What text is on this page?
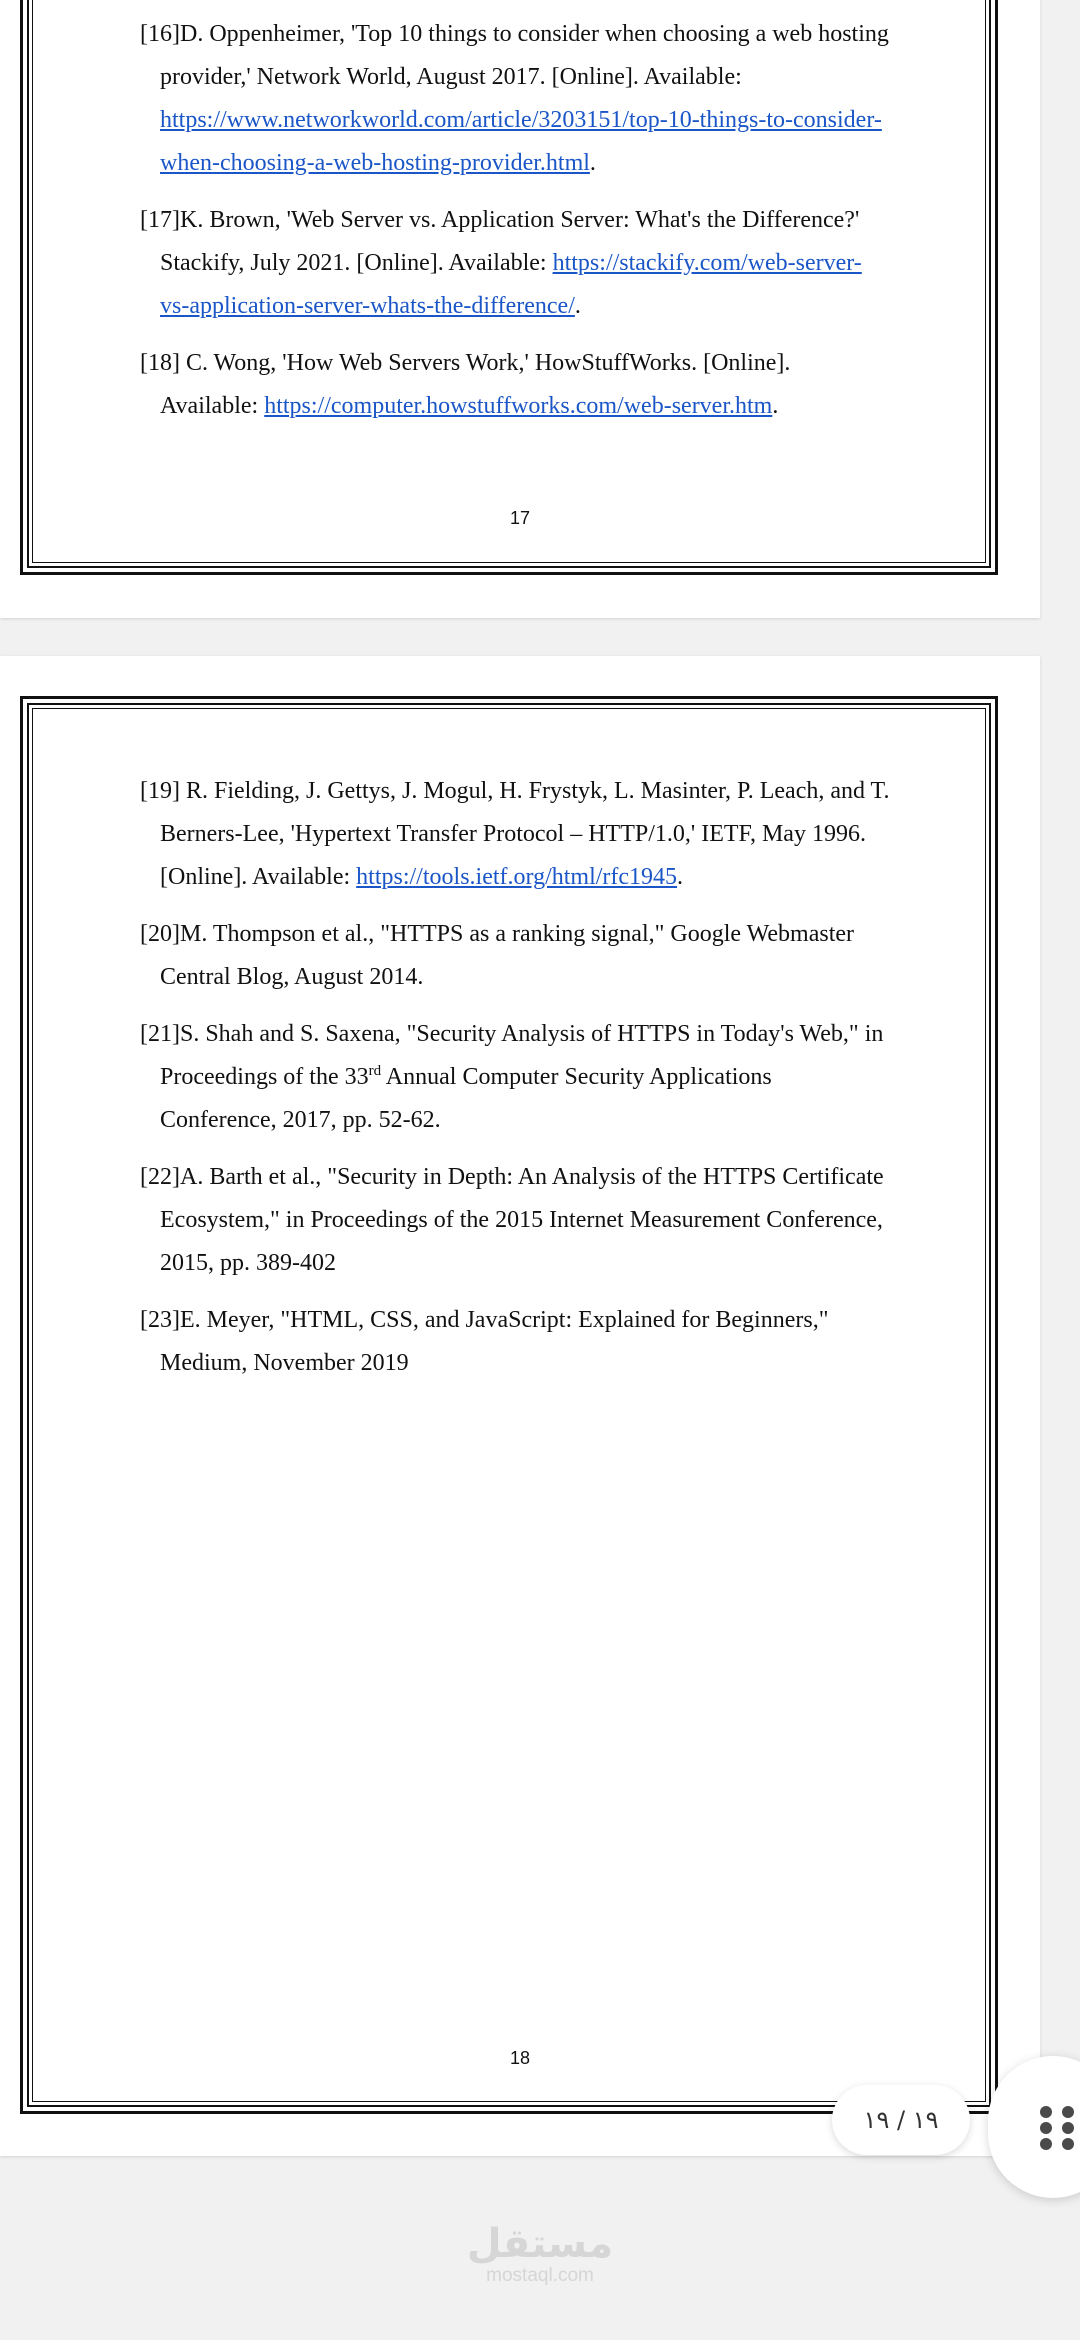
[16]D. Oppenheimer, 'Top 10 things to consider when choosing a web hosting provider,' Network World, August 2017. [Online]. Available: https://www.networkworld.com/article/3203151/top-10-things-to-consider-when-choosing-a-web-hosting-provider.html.

[17]K. Brown, 'Web Server vs. Application Server: What's the Difference?' Stackify, July 2021. [Online]. Available: https://stackify.com/web-server-vs-application-server-whats-the-difference/.

[18] C. Wong, 'How Web Servers Work,' HowStuffWorks. [Online]. Available: https://computer.howstuffworks.com/web-server.htm.

17

[19] R. Fielding, J. Gettys, J. Mogul, H. Frystyk, L. Masinter, P. Leach, and T. Berners-Lee, 'Hypertext Transfer Protocol – HTTP/1.0,' IETF, May 1996. [Online]. Available: https://tools.ietf.org/html/rfc1945.

[20]M. Thompson et al., "HTTPS as a ranking signal," Google Webmaster Central Blog, August 2014.

[21]S. Shah and S. Saxena, "Security Analysis of HTTPS in Today's Web," in Proceedings of the 33rd Annual Computer Security Applications Conference, 2017, pp. 52-62.

[22]A. Barth et al., "Security in Depth: An Analysis of the HTTPS Certificate Ecosystem," in Proceedings of the 2015 Internet Measurement Conference, 2015, pp. 389-402

[23]E. Meyer, "HTML, CSS, and JavaScript: Explained for Beginners," Medium, November 2019

18
١٩ / ١٩
مستقل
mostaql.com
